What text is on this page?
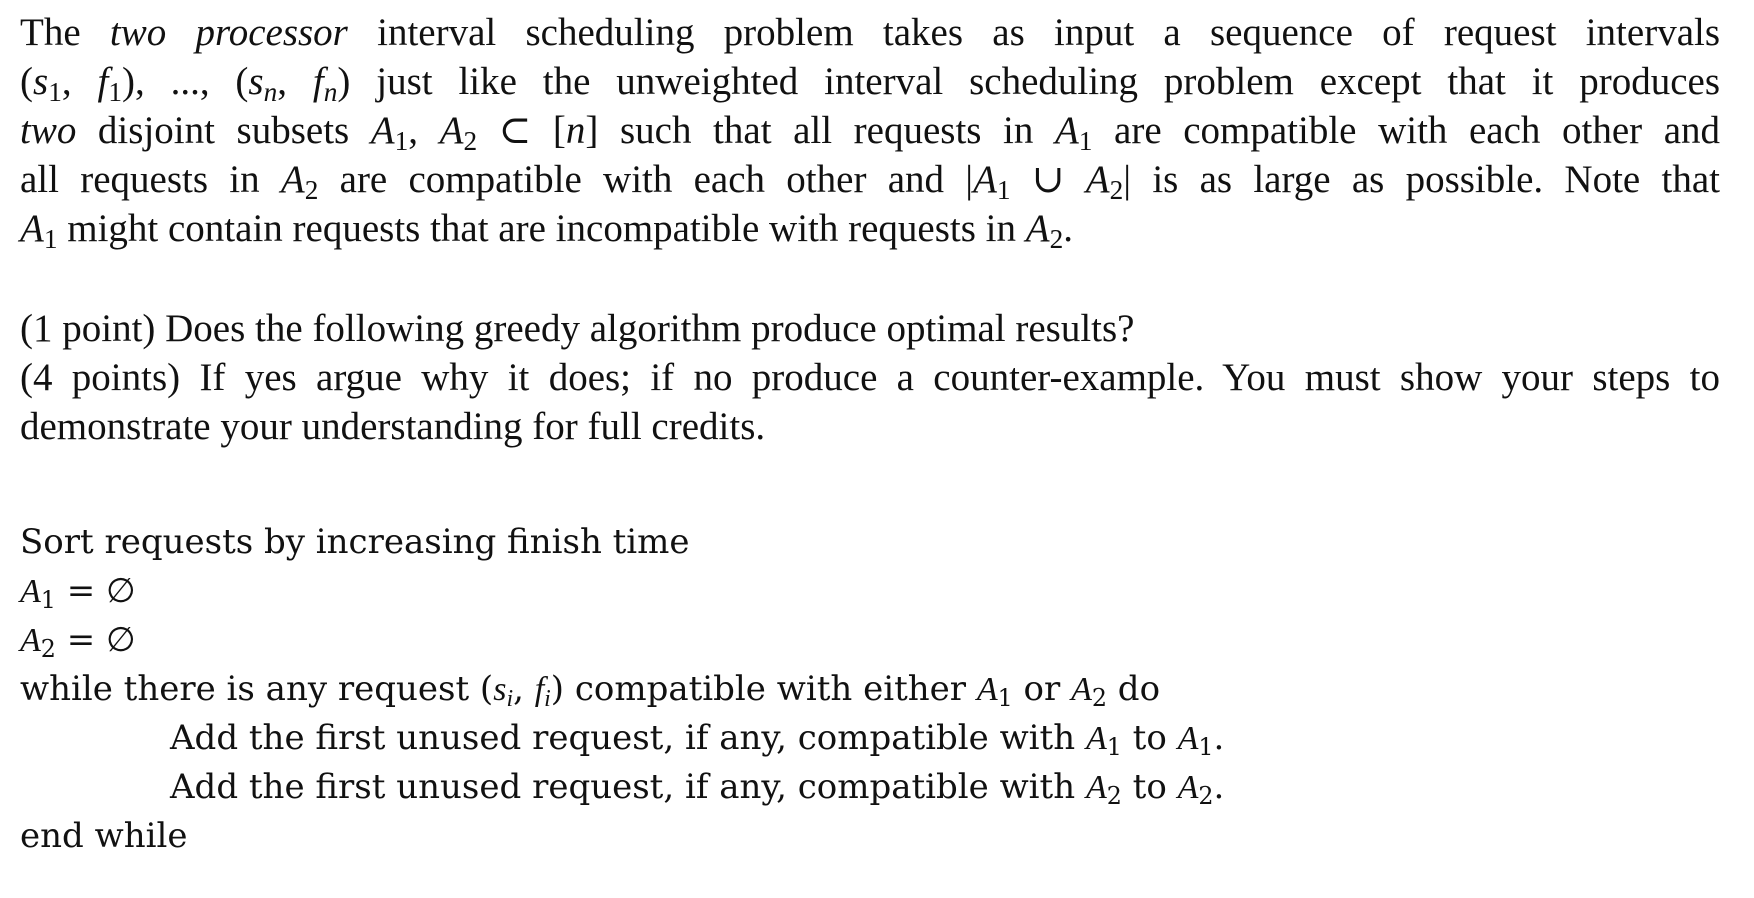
The two processor interval scheduling problem takes as input a sequence of request intervals
($s_1$, $f_1$), ..., ($s_n$, $f_n$) just like the unweighted interval scheduling problem except that it produces
two disjoint subsets $A_1$, $A_2$ ⊂ [n] such that all requests in $A_1$ are compatible with each other and
all requests in $A_2$ are compatible with each other and $|A_1$ ∪ $A_2|$ is as large as possible. Note that
$A_1$ might contain requests that are incompatible with requests in $A_2$.

(1 point) Does the following greedy algorithm produce optimal results?
(4 points) If yes argue why it does; if no produce a counter-example. You must show your steps to
demonstrate your understanding for full credits.
Sort requests by increasing finish time
$A_1$ = ∅
$A_2$ = ∅
while there is any request ($s_i$, $f_i$) compatible with either $A_1$ or $A_2$ do
Add the first unused request, if any, compatible with $A_1$ to $A_1$.
Add the first unused request, if any, compatible with $A_2$ to $A_2$.
end while
